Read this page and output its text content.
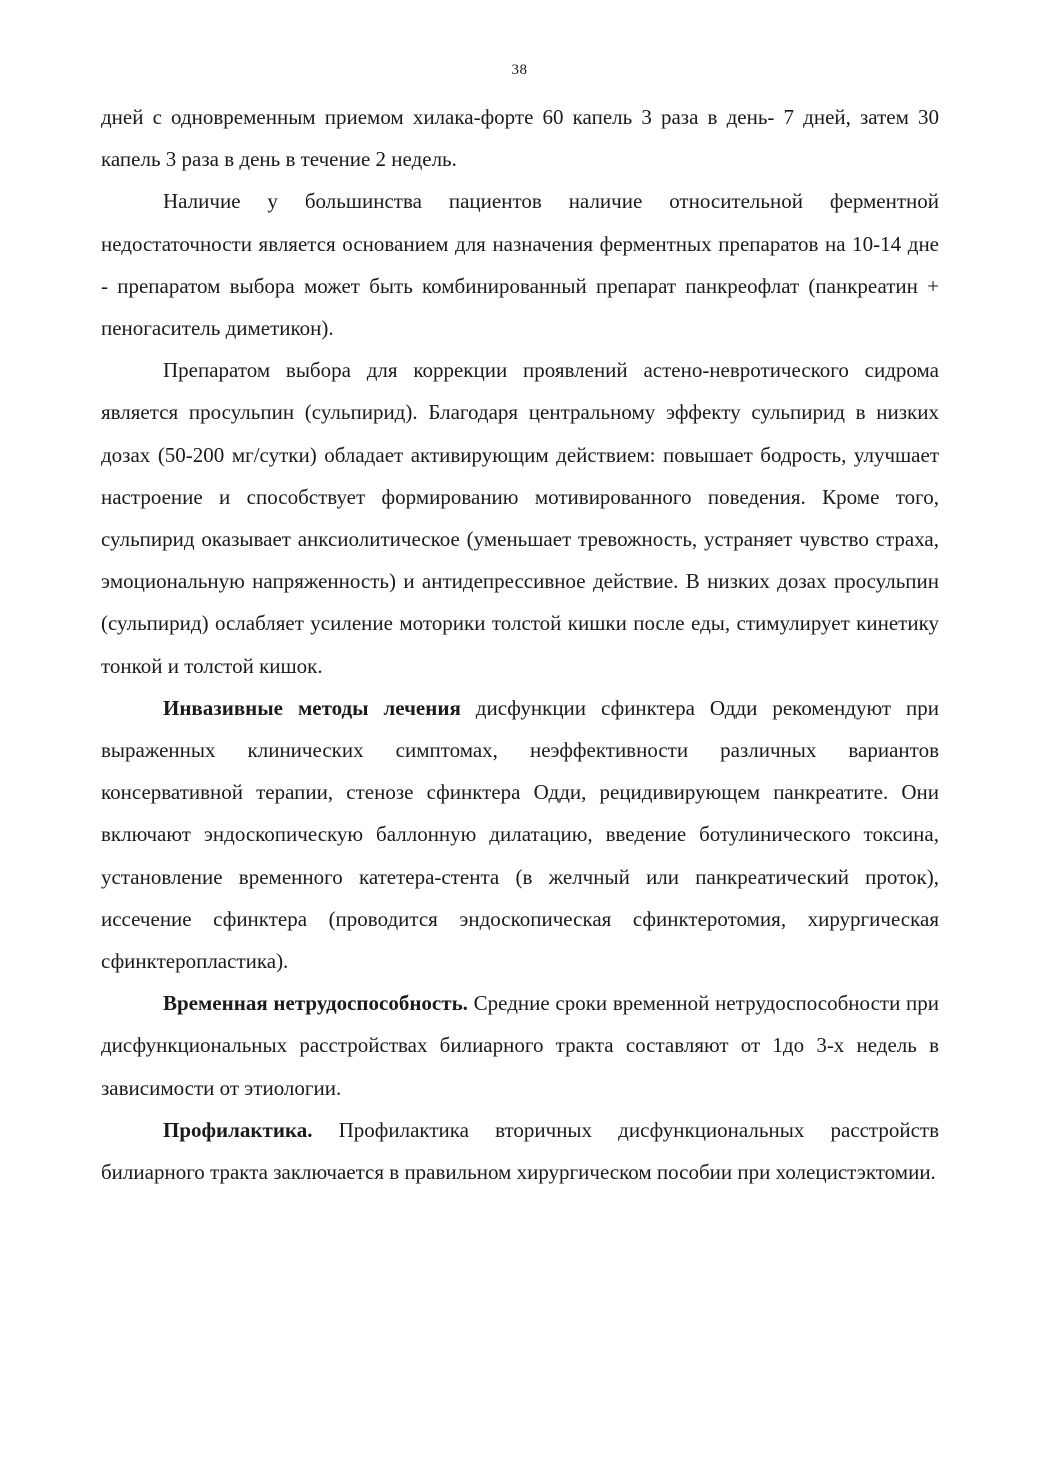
38

дней с одновременным приемом хилака-форте 60 капель 3 раза в день- 7 дней, затем 30 капель 3 раза в день в течение 2 недель.

Наличие у большинства пациентов наличие относительной ферментной недостаточности является основанием для назначения ферментных препаратов на 10-14 дне - препаратом выбора может быть комбинированный препарат панкреофлат (панкреатин + пеногаситель диметикон).

Препаратом выбора для коррекции проявлений астено-невротического сидрома является просульпин (сульпирид). Благодаря центральному эффекту сульпирид в низких дозах (50-200 мг/сутки) обладает активирующим действием: повышает бодрость, улучшает настроение и способствует формированию мотивированного поведения. Кроме того, сульпирид оказывает анксиолитическое (уменьшает тревожность, устраняет чувство страха, эмоциональную напряженность) и антидепрессивное действие. В низких дозах просульпин (сульпирид) ослабляет усиление моторики толстой кишки после еды, стимулирует кинетику тонкой и толстой кишок.

Инвазивные методы лечения дисфункции сфинктера Одди рекомендуют при выраженных клинических симптомах, неэффективности различных вариантов консервативной терапии, стенозе сфинктера Одди, рецидивирующем панкреатите. Они включают эндоскопическую баллонную дилатацию, введение ботулинического токсина, установление временного катетера-стента (в желчный или панкреатический проток), иссечение сфинктера (проводится эндоскопическая сфинктеротомия, хирургическая сфинктеропластика).

Временная нетрудоспособность. Средние сроки временной нетрудоспособности при дисфункциональных расстройствах билиарного тракта составляют от 1до 3-х недель в зависимости от этиологии.

Профилактика. Профилактика вторичных дисфункциональных расстройств билиарного тракта заключается в правильном хирургическом пособии при холецистэктомии.
